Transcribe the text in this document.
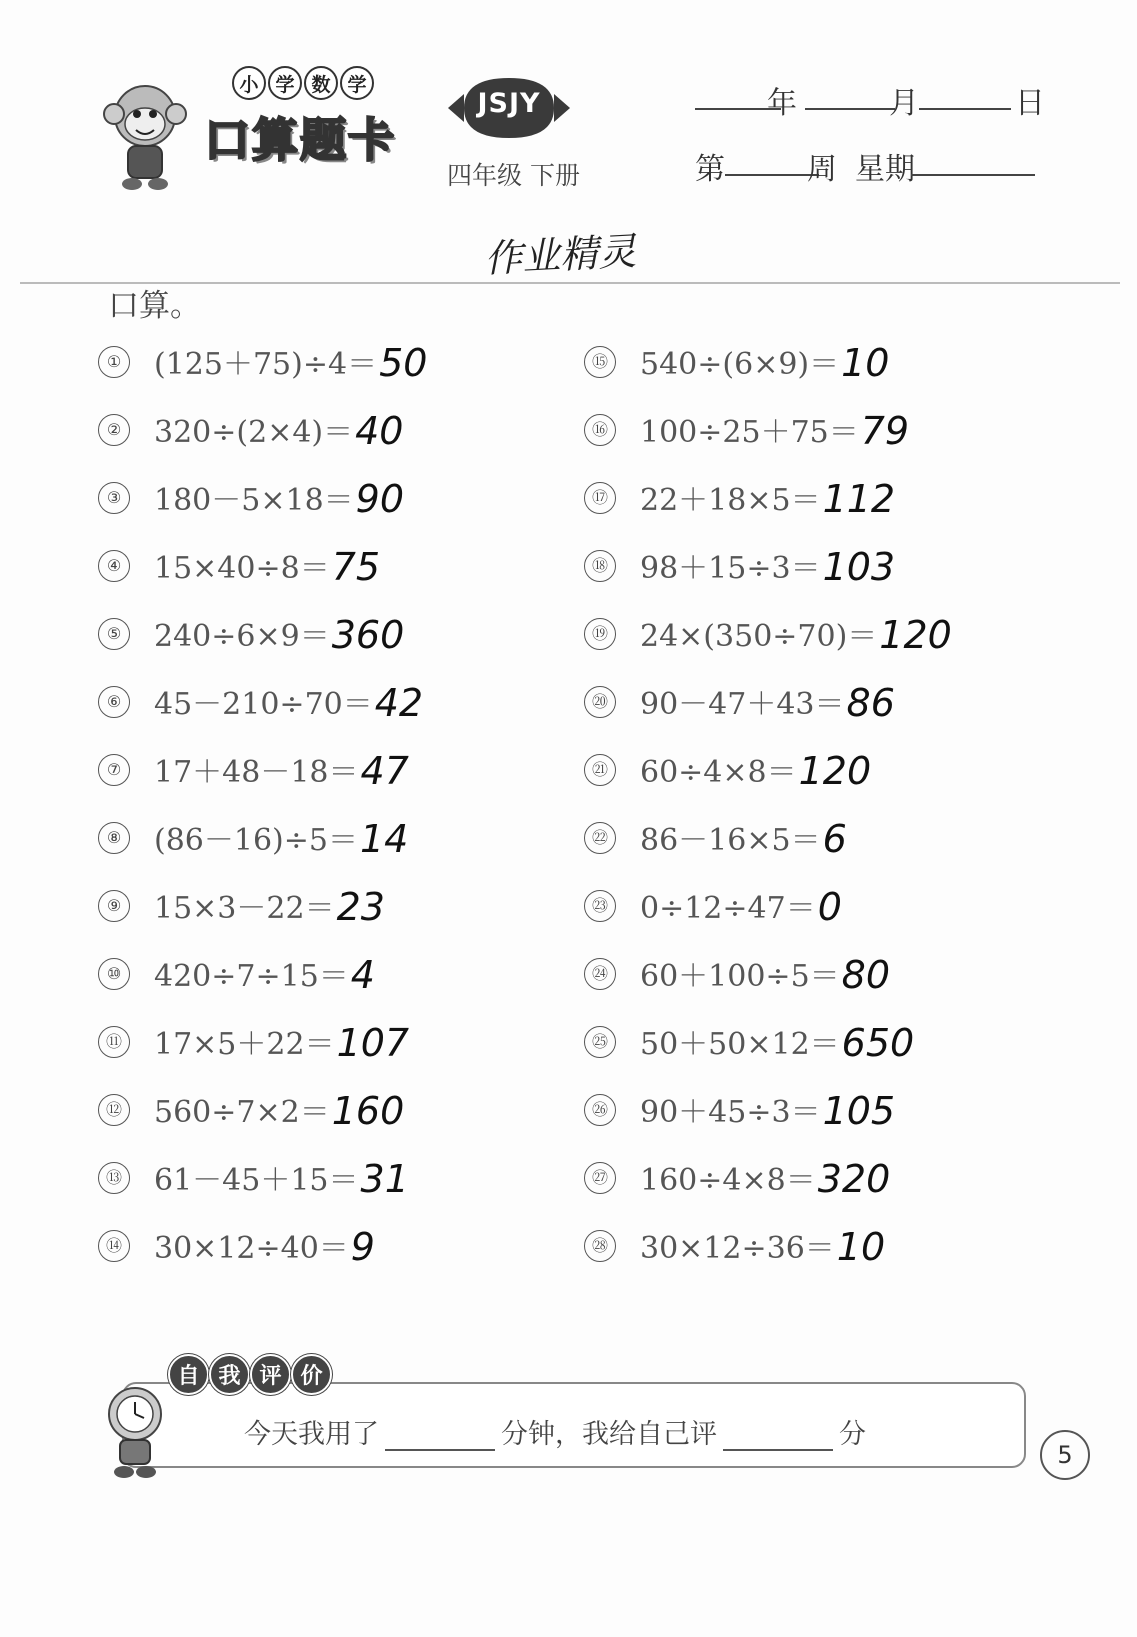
小 学 数 学
口算题卡
JSJY
四年级 下册
年	月	日
第	周 星期
作业精灵
口算。
① (125＋75)÷4＝50
② 320÷(2×4)＝40
③ 180－5×18＝90
④ 15×40÷8＝75
⑤ 240÷6×9＝360
⑥ 45－210÷70＝42
⑦ 17＋48－18＝47
⑧ (86－16)÷5＝14
⑨ 15×3－22＝23
⑩ 420÷7÷15＝4
⑪ 17×5＋22＝107
⑫ 560÷7×2＝160
⑬ 61－45＋15＝31
⑭ 30×12÷40＝9
⑮ 540÷(6×9)＝10
⑯ 100÷25＋75＝79
⑰ 22＋18×5＝112
⑱ 98＋15÷3＝103
⑲ 24×(350÷70)＝120
⑳ 90－47＋43＝86
㉑ 60÷4×8＝120
㉒ 86－16×5＝6
㉓ 0÷12÷47＝0
㉔ 60＋100÷5＝80
㉕ 50＋50×12＝650
㉖ 90＋45÷3＝105
㉗ 160÷4×8＝320
㉘ 30×12÷36＝10
自 我 评 价
今天我用了	分钟，我给自己评	分
5
